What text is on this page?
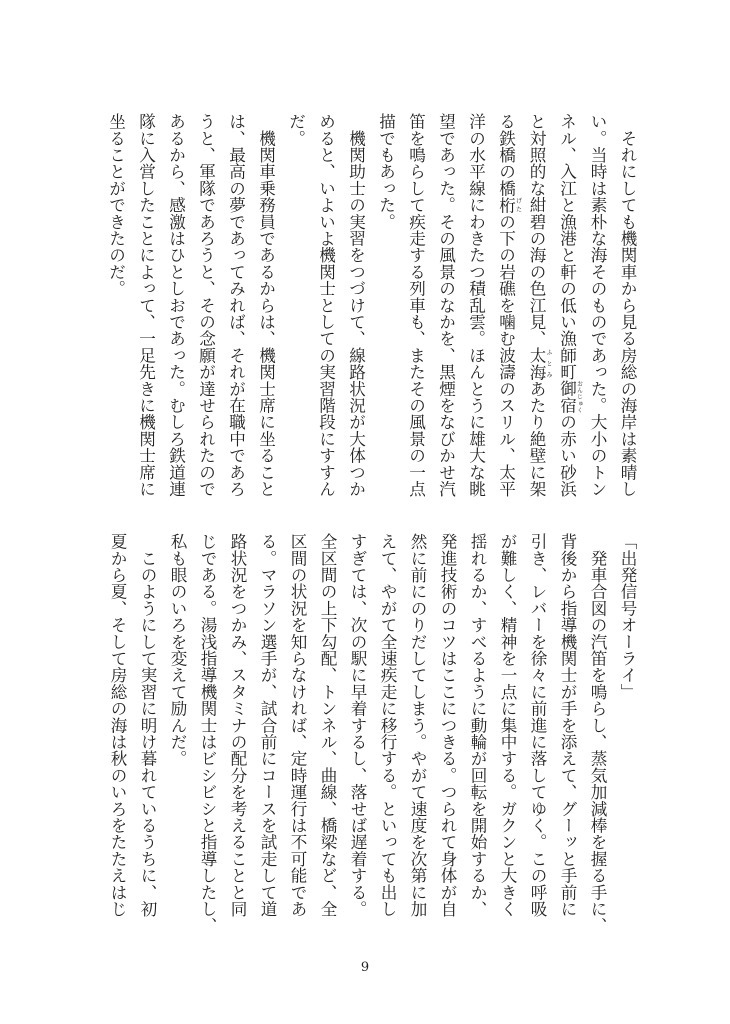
　それにしても機関車から見る房総の海岸は素晴し
い。当時は素朴な海そのものであった。大小のトン
ネル、入江と漁港と軒の低い漁師町御宿 おんじゅくの赤い砂浜
と対照的な紺碧の海の色江見、太海 ふとみあたり絶壁に架
る鉄橋の橋桁 げたの下の岩礁を噛む波濤のスリル、太平
洋の水平線にわきたつ積乱雲。ほんとうに雄大な眺
望であった。その風景のなかを、黒煙をなびかせ汽
笛を鳴らして疾走する列車も、またその風景の一点
描でもあった。
　機関助士の実習をつづけて、線路状況が大体つか
めると、いよいよ機関士としての実習階段にすすん
だ。
　機関車乗務員であるからは、機関士席に坐ること
は、最高の夢であってみれば、それが在職中であろ
うと、軍隊であろうと、その念願が達せられたので
あるから、感激はひとしおであった。むしろ鉄道連
隊に入営したことによって、一足先きに機関士席に
坐ることができたのだ。
「出発信号オーライ」
　発車合図の汽笛を鳴らし、蒸気加減棒を握る手に、
背後から指導機関士が手を添えて、グーッと手前に
引き、レバーを徐々に前進に落してゆく。この呼吸
が難しく、精神を一点に集中する。ガクンと大きく
揺れるか、すべるように動輪が回転を開始するか、
発進技術のコツはここにつきる。つられて身体が自
然に前にのりだしてしまう。やがて速度を次第に加
えて、やがて全速疾走に移行する。といっても出し
すぎては、次の駅に早着するし、落せば遅着する。
全区間の上下勾配、トンネル、曲線、橋梁など、全
区間の状況を知らなければ、定時運行は不可能であ
る。マラソン選手が、試合前にコースを試走して道
路状況をつかみ、スタミナの配分を考えることと同
じである。湯浅指導機関士はビシビシと指導したし、
私も眼のいろを変えて励んだ。
　このようにして実習に明け暮れているうちに、初
夏から夏、そして房総の海は秋のいろをたたえはじ
9
